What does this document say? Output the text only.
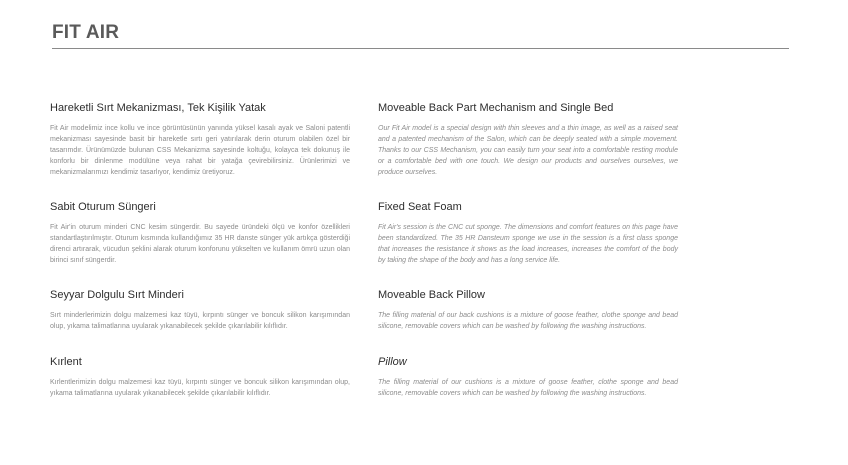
FIT AIR
Hareketli Sırt Mekanizması, Tek Kişilik Yatak

Fit Air modelimiz ince kollu ve ince görüntüsünün yanında yüksel kasalı ayak ve Saloni patentli mekanizması sayesinde basit bir hareketle sırtı geri yatırılarak derin oturum olabilen özel bir tasarımdır. Ürünümüzde bulunan CSS Mekanizma sayesinde koltuğu, kolayca tek dokunuş ile konforlu bir dinlenme modülüne veya rahat bir yatağa çevirebilirsiniz. Ürünlerimizi ve mekanizmalarımızı kendimiz tasarlıyor, kendimiz üretiyoruz.

Sabit Oturum Süngeri

Fit Air'in oturum minderi CNC kesim süngerdir. Bu sayede üründeki ölçü ve konfor özellikleri standartlaştırılmıştır. Oturum kısmında kullandığımız 35 HR danste sünger yük artıkça gösterdiği direnci artırarak, vücudun şeklini alarak oturum konforunu yükselten ve kullanım ömrü uzun olan birinci sınıf süngerdir.

Seyyar Dolgulu Sırt Minderi

Sırt minderlerimizin dolgu malzemesi kaz tüyü, kırpıntı sünger ve boncuk silikon karışımından olup, yıkama talimatlarına uyularak yıkanabilecek şekilde çıkarılabilir kılıflıdır.

Kırlent

Kırlentlerimizin dolgu malzemesi kaz tüyü, kırpıntı sünger ve boncuk silikon karışımından olup, yıkama talimatlarına uyularak yıkanabilecek şekilde çıkarılabilir kılıflıdır.

Moveable Back Part Mechanism and Single Bed

Our Fit Air model is a special design with thin sleeves and a thin image, as well as a raised seat and a patented mechanism of the Salon, which can be deeply seated with a simple movement. Thanks to our CSS Mechanism, you can easily turn your seat into a comfortable resting module or a comfortable bed with one touch. We design our products and ourselves ourselves, we produce ourselves.

Fixed Seat Foam

Fit Air's session is the CNC cut sponge. The dimensions and comfort features on this page have been standardized. The 35 HR Dansteum sponge we use in the session is a first class sponge that increases the resistance it shows as the load increases, increases the comfort of the body by taking the shape of the body and has a long service life.

Moveable Back Pillow

The filling material of our back cushions is a mixture of goose feather, clothe sponge and bead silicone, removable covers which can be washed by following the washing instructions.

Pillow

The filling material of our cushions is a mixture of goose feather, clothe sponge and bead silicone, removable covers which can be washed by following the washing instructions.
